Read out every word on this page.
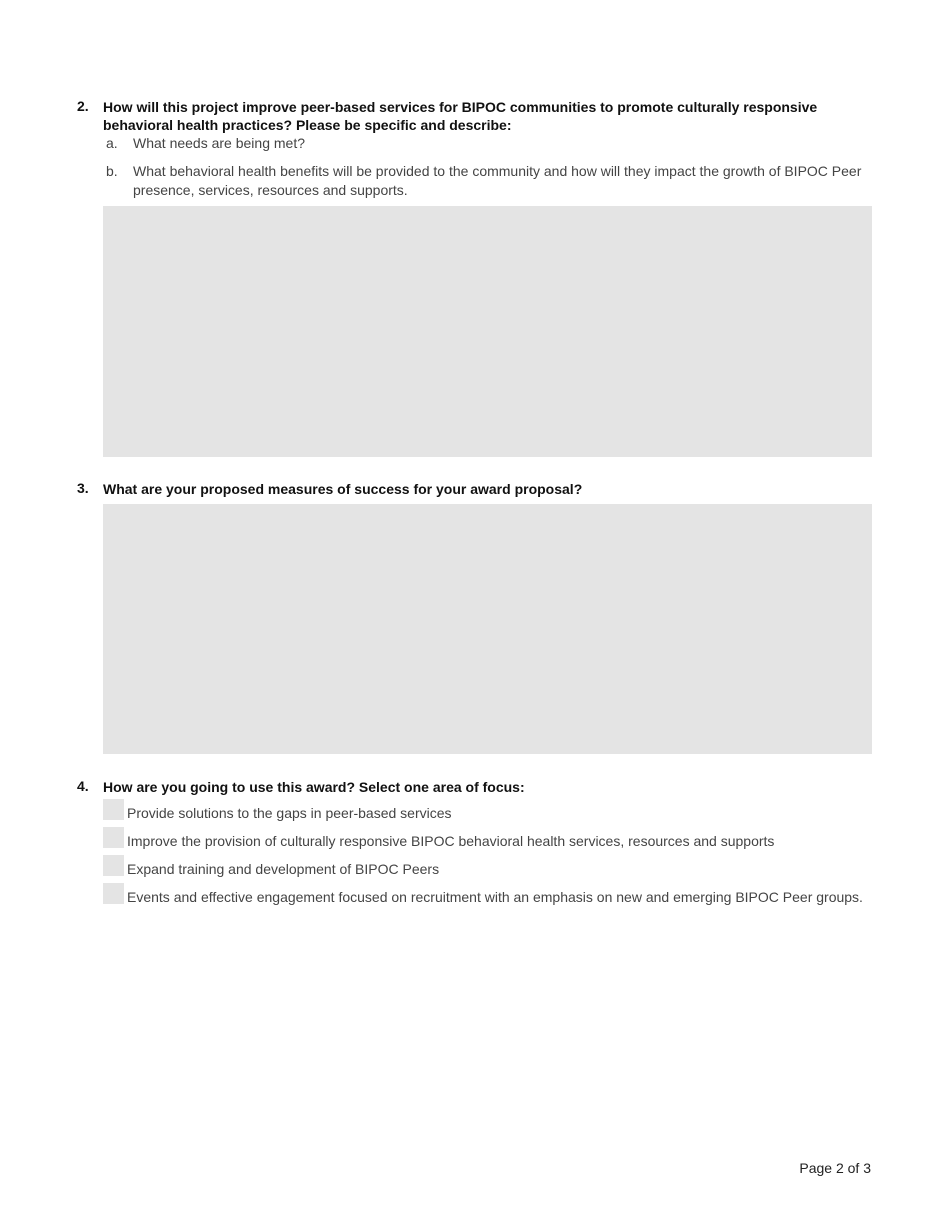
2. How will this project improve peer-based services for BIPOC communities to promote culturally responsive behavioral health practices? Please be specific and describe:
a. What needs are being met?
b. What behavioral health benefits will be provided to the community and how will they impact the growth of BIPOC Peer presence, services, resources and supports.
3. What are your proposed measures of success for your award proposal?
4. How are you going to use this award? Select one area of focus:
Provide solutions to the gaps in peer-based services
Improve the provision of culturally responsive BIPOC behavioral health services, resources and supports
Expand training and development of BIPOC Peers
Events and effective engagement focused on recruitment with an emphasis on new and emerging BIPOC Peer groups.
Page 2 of 3
